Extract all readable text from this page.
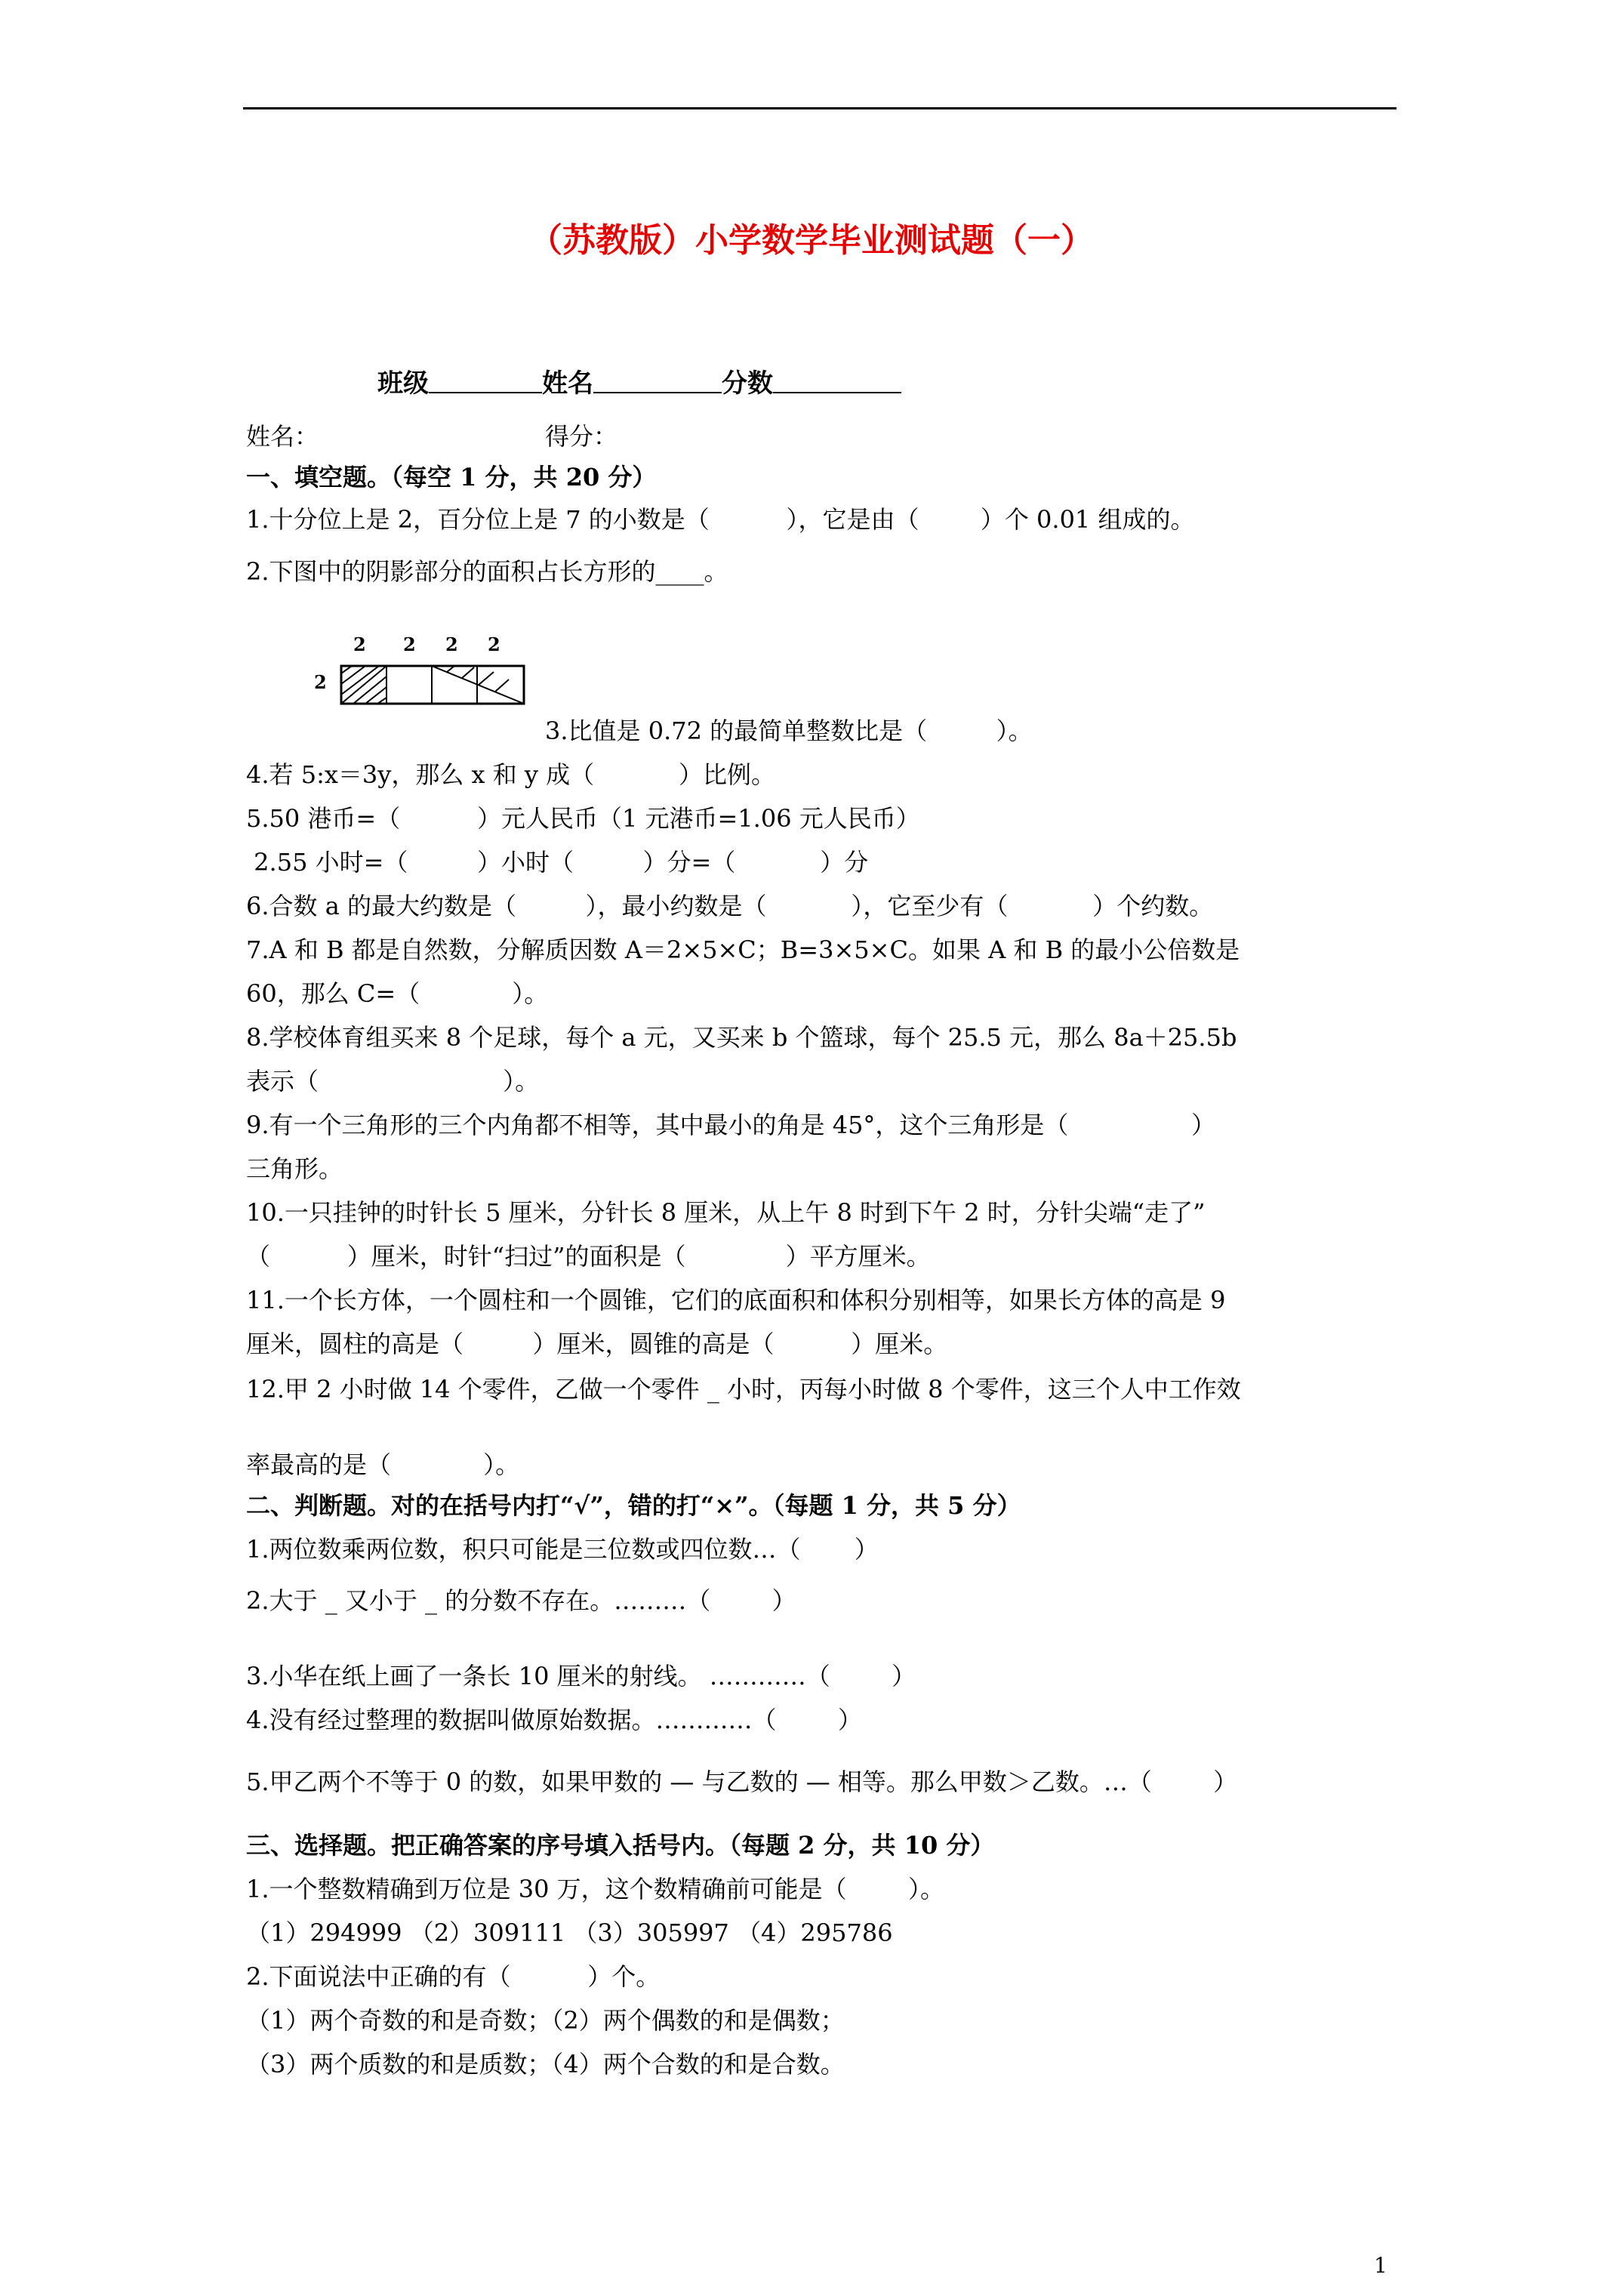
（苏教版）小学数学毕业测试题（一）
班级	姓名	分数
姓名：	得分：
一、填空题。（每空 1 分，共 20 分）
1.十分位上是 2，百分位上是 7 的小数是（          ），它是由（        ）个 0.01 组成的。
2.下图中的阴影部分的面积占长方形的____。
2 2 2 2
2
3.比值是 0.72 的最简单整数比是（         ）。
4.若 5:x＝3y，那么 x 和 y 成（           ）比例。
5.50 港币=（          ）元人民币（1 元港币=1.06 元人民币）
2.55 小时=（         ）小时（         ）分=（           ）分
6.合数 a 的最大约数是（         ），最小约数是（           ），它至少有（           ）个约数。
7.A 和 B 都是自然数，分解质因数 A＝2×5×C；B=3×5×C。如果 A 和 B 的最小公倍数是
60，那么 C=（            ）。
8.学校体育组买来 8 个足球，每个 a 元，又买来 b 个篮球，每个 25.5 元，那么 8a＋25.5b
表示（                        ）。
9.有一个三角形的三个内角都不相等，其中最小的角是 45°，这个三角形是（                ）
三角形。
10.一只挂钟的时针长 5 厘米，分针长 8 厘米，从上午 8 时到下午 2 时，分针尖端“走了”
（          ）厘米，时针“扫过”的面积是（             ）平方厘米。
11.一个长方体，一个圆柱和一个圆锥，它们的底面积和体积分别相等，如果长方体的高是 9
厘米，圆柱的高是（         ）厘米，圆锥的高是（          ）厘米。
12.甲 2 小时做 14 个零件，乙做一个零件 _ 小时，丙每小时做 8 个零件，这三个人中工作效
率最高的是（            ）。
二、判断题。对的在括号内打“√”，错的打“×”。（每题 1 分，共 5 分）
1.两位数乘两位数，积只可能是三位数或四位数…（       ）
2.大于 _ 又小于 _ 的分数不存在。………（        ）
3.小华在纸上画了一条长 10 厘米的射线。 …………（        ）
4.没有经过整理的数据叫做原始数据。…………（        ）
5.甲乙两个不等于 0 的数，如果甲数的 — 与乙数的 — 相等。那么甲数＞乙数。…（        ）
三、选择题。把正确答案的序号填入括号内。（每题 2 分，共 10 分）
1.一个整数精确到万位是 30 万，这个数精确前可能是（        ）。
（1）294999 （2）309111 （3）305997 （4）295786
2.下面说法中正确的有（          ）个。
（1）两个奇数的和是奇数；（2）两个偶数的和是偶数；
（3）两个质数的和是质数；（4）两个合数的和是合数。
1
